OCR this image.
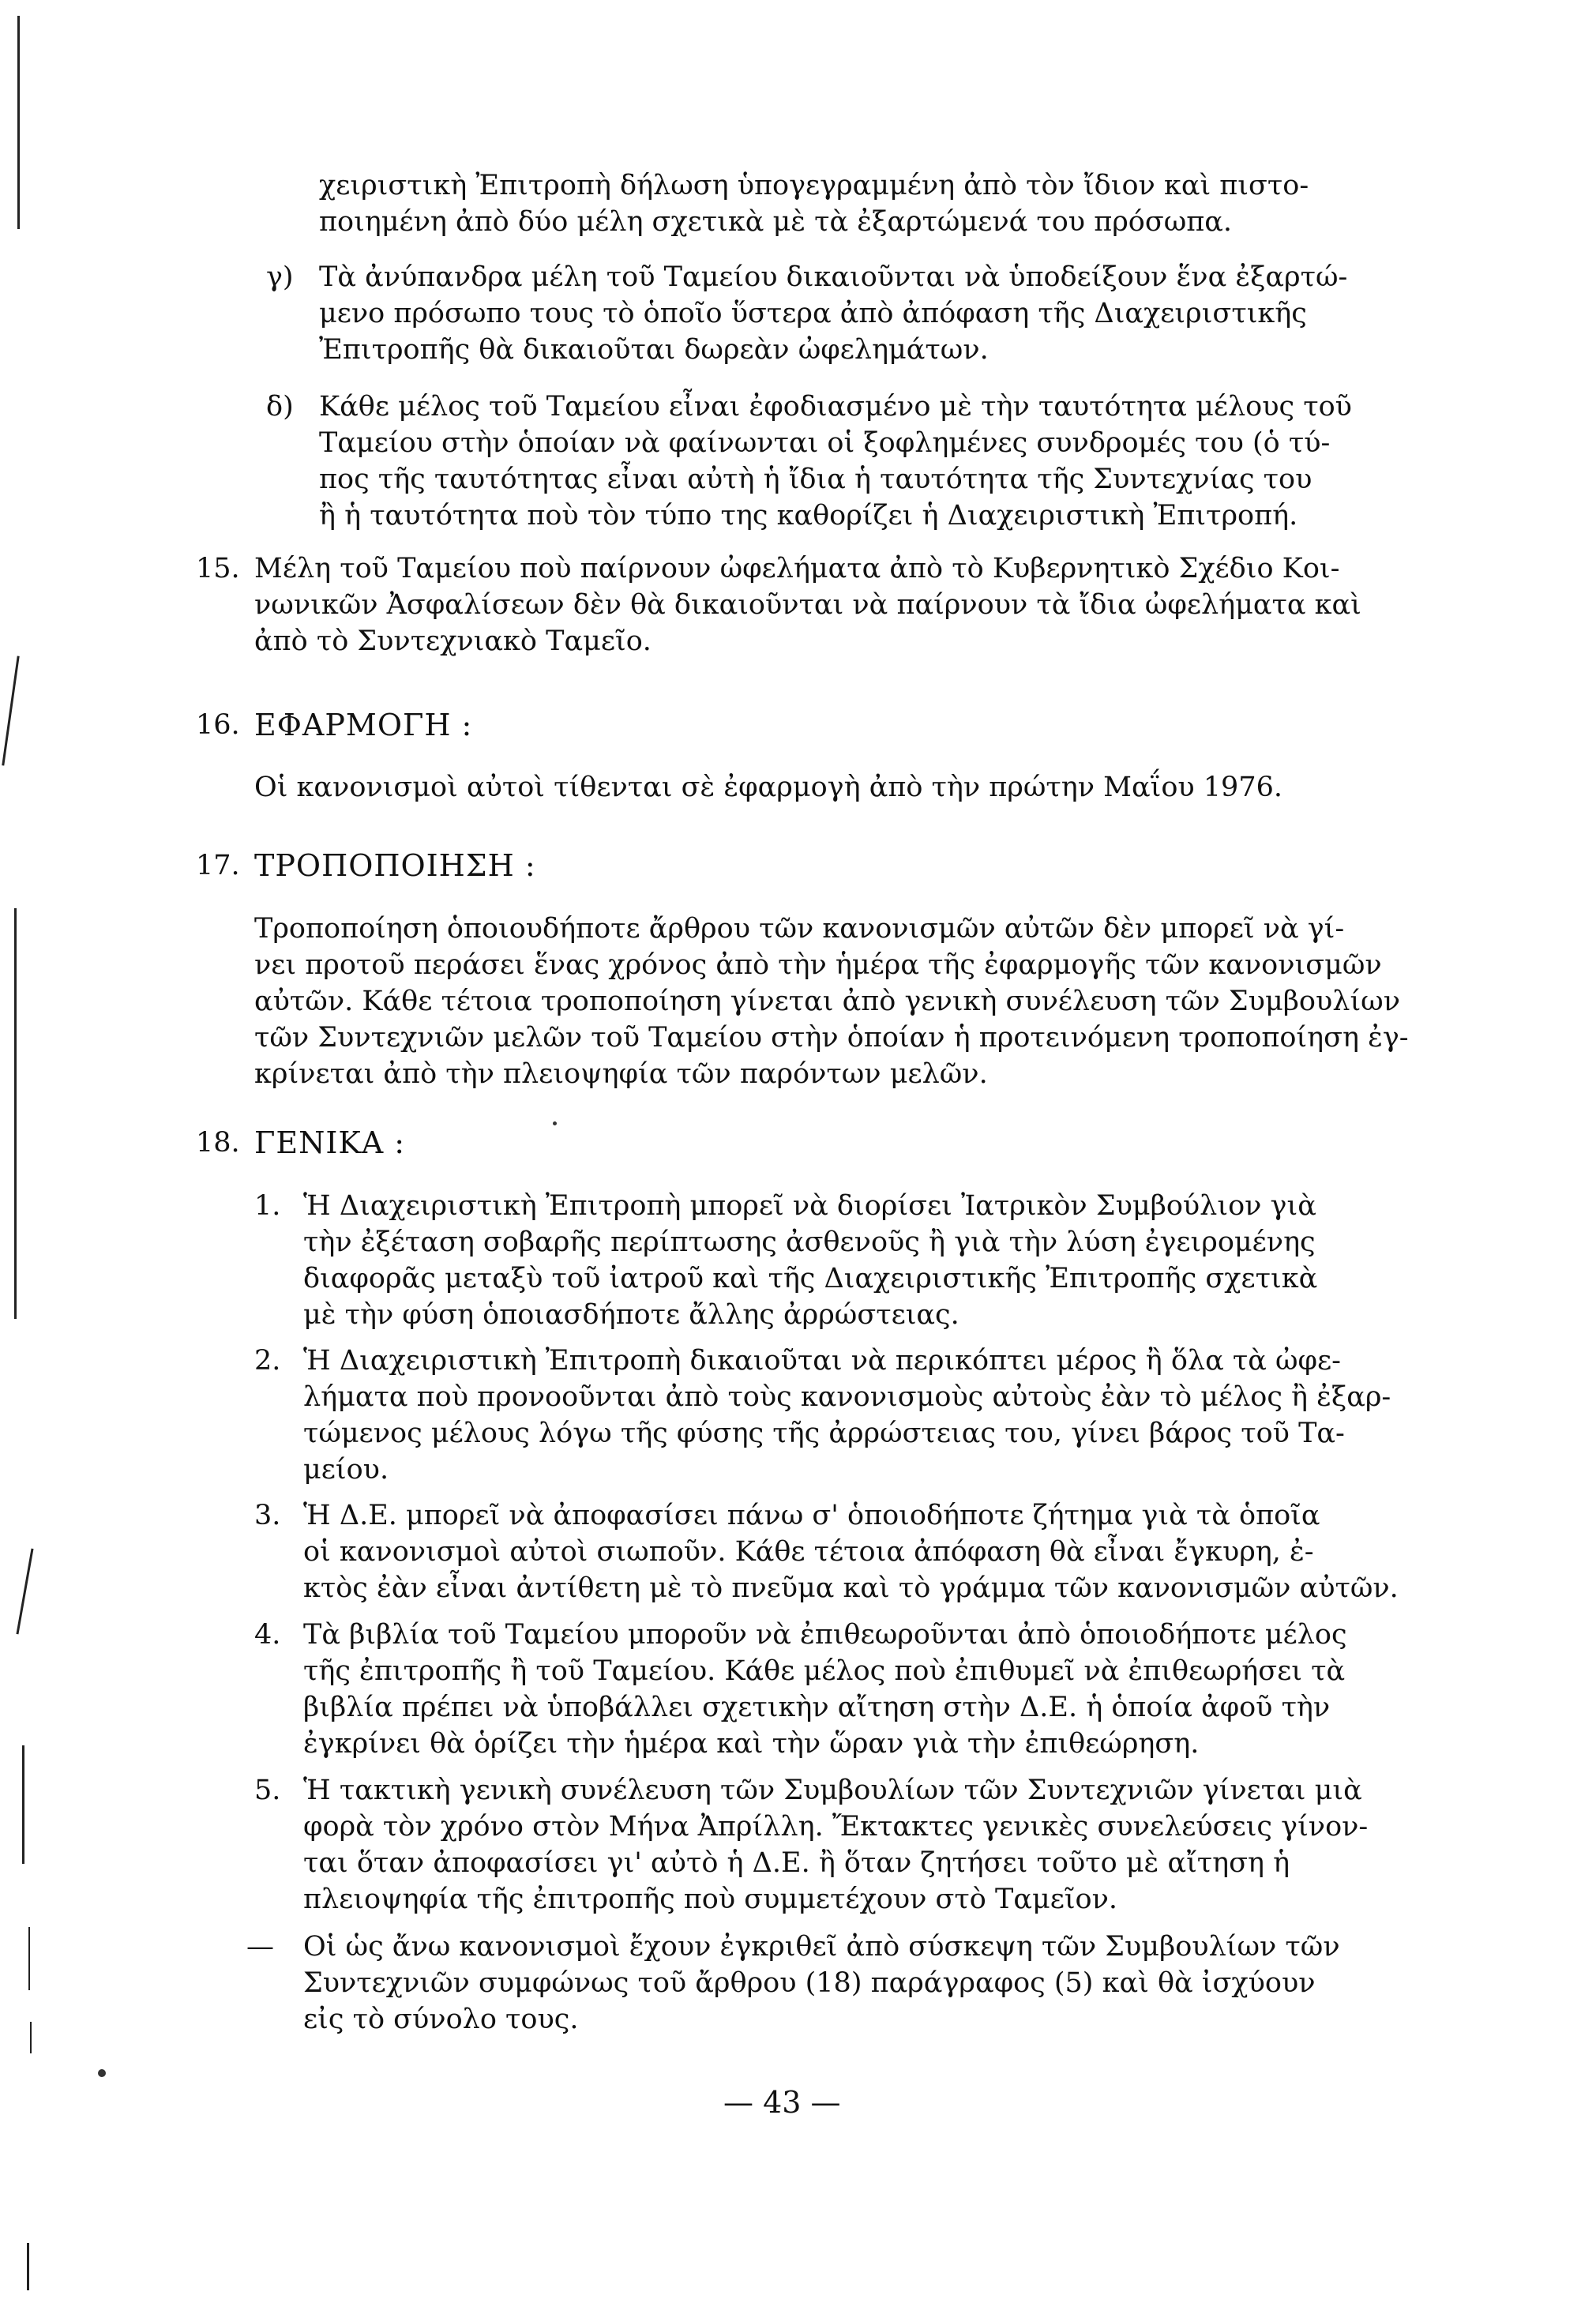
χειριστικὴ Ἐπιτροπὴ δήλωση ὑπογεγραμμένη ἀπὸ τὸν ἴδιον καὶ πιστο-
ποιημένη ἀπὸ δύο μέλη σχετικὰ μὲ τὰ ἐξαρτώμενά του πρόσωπα.
γ) Τὰ ἀνύπανδρα μέλη τοῦ Ταμείου δικαιοῦνται νὰ ὑποδείξουν ἕνα ἐξαρτώ-
μενο πρόσωπο τους τὸ ὁποῖο ὕστερα ἀπὸ ἀπόφαση τῆς Διαχειριστικῆς
Ἐπιτροπῆς θὰ δικαιοῦται δωρεὰν ὠφελημάτων.
δ) Κάθε μέλος τοῦ Ταμείου εἶναι ἐφοδιασμένο μὲ τὴν ταυτότητα μέλους τοῦ
Ταμείου στὴν ὁποίαν νὰ φαίνωνται οἱ ξοφλημένες συνδρομές του (ὁ τύ-
πος τῆς ταυτότητας εἶναι αὐτὴ ἡ ἴδια ἡ ταυτότητα τῆς Συντεχνίας του
ἢ ἡ ταυτότητα ποὺ τὸν τύπο της καθορίζει ἡ Διαχειριστικὴ Ἐπιτροπή.
15. Μέλη τοῦ Ταμείου ποὺ παίρνουν ὠφελήματα ἀπὸ τὸ Κυβερνητικὸ Σχέδιο Κοι-
νωνικῶν Ἀσφαλίσεων δὲν θὰ δικαιοῦνται νὰ παίρνουν τὰ ἴδια ὠφελήματα καὶ
ἀπὸ τὸ Συντεχνιακὸ Ταμεῖο.
16. ΕΦΑΡΜΟΓΗ :
Οἱ κανονισμοὶ αὐτοὶ τίθενται σὲ ἐφαρμογὴ ἀπὸ τὴν πρώτην Μαΐου 1976.
17. ΤΡΟΠΟΠΟΙΗΣΗ :
Τροποποίηση ὁποιουδήποτε ἄρθρου τῶν κανονισμῶν αὐτῶν δὲν μπορεῖ νὰ γί-
νει προτοῦ περάσει ἕνας χρόνος ἀπὸ τὴν ἡμέρα τῆς ἐφαρμογῆς τῶν κανονισμῶν
αὐτῶν. Κάθε τέτοια τροποποίηση γίνεται ἀπὸ γενικὴ συνέλευση τῶν Συμβουλίων
τῶν Συντεχνιῶν μελῶν τοῦ Ταμείου στὴν ὁποίαν ἡ προτεινόμενη τροποποίηση ἐγ-
κρίνεται ἀπὸ τὴν πλειοψηφία τῶν παρόντων μελῶν.
18. ΓΕΝΙΚΑ :
1. Ἡ Διαχειριστικὴ Ἐπιτροπὴ μπορεῖ νὰ διορίσει Ἰατρικὸν Συμβούλιον γιὰ
τὴν ἐξέταση σοβαρῆς περίπτωσης ἀσθενοῦς ἢ γιὰ τὴν λύση ἐγειρομένης
διαφορᾶς μεταξὺ τοῦ ἰατροῦ καὶ τῆς Διαχειριστικῆς Ἐπιτροπῆς σχετικὰ
μὲ τὴν φύση ὁποιασδήποτε ἄλλης ἀρρώστειας.
2. Ἡ Διαχειριστικὴ Ἐπιτροπὴ δικαιοῦται νὰ περικόπτει μέρος ἢ ὅλα τὰ ὠφε-
λήματα ποὺ προνοοῦνται ἀπὸ τοὺς κανονισμοὺς αὐτοὺς ἐὰν τὸ μέλος ἢ ἐξαρ-
τώμενος μέλους λόγω τῆς φύσης τῆς ἀρρώστειας του, γίνει βάρος τοῦ Τα-
μείου.
3. Ἡ Δ.Ε. μπορεῖ νὰ ἀποφασίσει πάνω σ' ὁποιοδήποτε ζήτημα γιὰ τὰ ὁποῖα
οἱ κανονισμοὶ αὐτοὶ σιωποῦν. Κάθε τέτοια ἀπόφαση θὰ εἶναι ἔγκυρη, ἐ-
κτὸς ἐὰν εἶναι ἀντίθετη μὲ τὸ πνεῦμα καὶ τὸ γράμμα τῶν κανονισμῶν αὐτῶν.
4. Τὰ βιβλία τοῦ Ταμείου μποροῦν νὰ ἐπιθεωροῦνται ἀπὸ ὁποιοδήποτε μέλος
τῆς ἐπιτροπῆς ἢ τοῦ Ταμείου. Κάθε μέλος ποὺ ἐπιθυμεῖ νὰ ἐπιθεωρήσει τὰ
βιβλία πρέπει νὰ ὑποβάλλει σχετικὴν αἴτηση στὴν Δ.Ε. ἡ ὁποία ἀφοῦ τὴν
ἐγκρίνει θὰ ὁρίζει τὴν ἡμέρα καὶ τὴν ὥραν γιὰ τὴν ἐπιθεώρηση.
5. Ἡ τακτικὴ γενικὴ συνέλευση τῶν Συμβουλίων τῶν Συντεχνιῶν γίνεται μιὰ
φορὰ τὸν χρόνο στὸν Μήνα Ἀπρίλλη. Ἔκτακτες γενικὲς συνελεύσεις γίνον-
ται ὅταν ἀποφασίσει γι' αὐτὸ ἡ Δ.Ε. ἢ ὅταν ζητήσει τοῦτο μὲ αἴτηση ἡ
πλειοψηφία τῆς ἐπιτροπῆς ποὺ συμμετέχουν στὸ Ταμεῖον.
— Οἱ ὡς ἄνω κανονισμοὶ ἔχουν ἐγκριθεῖ ἀπὸ σύσκεψη τῶν Συμβουλίων τῶν
Συντεχνιῶν συμφώνως τοῦ ἄρθρου (18) παράγραφος (5) καὶ θὰ ἰσχύουν
εἰς τὸ σύνολο τους.
— 43 —
